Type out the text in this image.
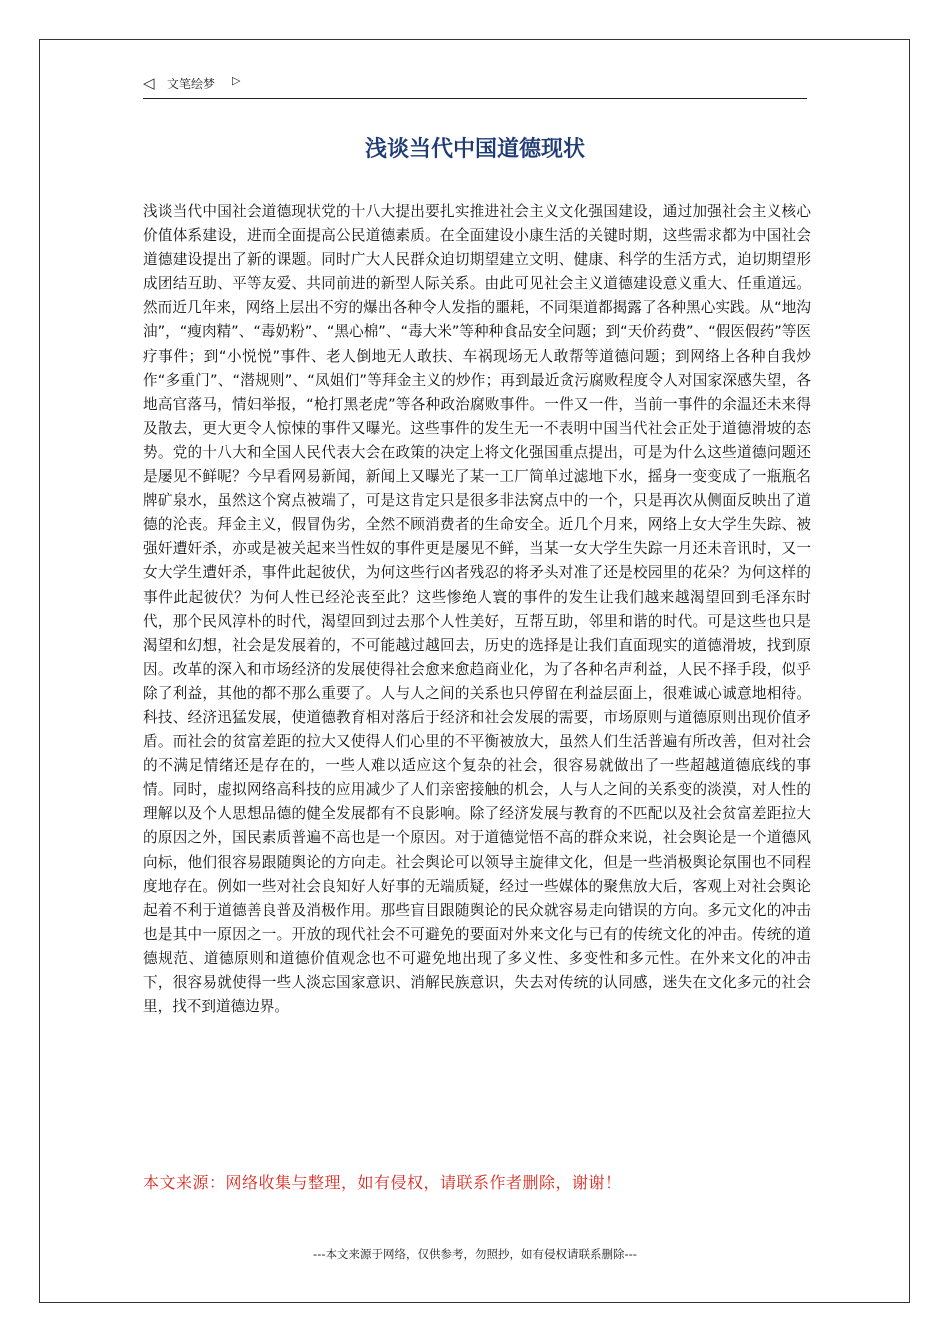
◁ 文笔绘梦 ▷
浅谈当代中国道德现状

浅谈当代中国社会道德现状党的十八大提出要扎实推进社会主义文化强国建设，通过加强社会主义核心价值体系建设，进而全面提高公民道德素质。在全面建设小康生活的关键时期，这些需求都为中国社会道德建设提出了新的课题。同时广大人民群众迫切期望建立文明、健康、科学的生活方式，迫切期望形成团结互助、平等友爱、共同前进的新型人际关系。由此可见社会主义道德建设意义重大、任重道远。然而近几年来，网络上层出不穷的爆出各种令人发指的噩耗，不同渠道都揭露了各种黑心实践。从“地沟油”，“瘦肉精”、“毒奶粉”、“黑心棉”、“毒大米”等种种食品安全问题；到“天价药费”、“假医假药”等医疗事件；到“小悦悦”事件、老人倒地无人敢扶、车祸现场无人敢帮等道德问题；到网络上各种自我炒作“多重门”、“潜规则”、“凤姐们”等拜金主义的炒作；再到最近贪污腐败程度令人对国家深感失望，各地高官落马，情妇举报，“枪打黑老虎”等各种政治腐败事件。一件又一件，当前一事件的余温还未来得及散去，更大更令人惊悚的事件又曝光。这些事件的发生无一不表明中国当代社会正处于道德滑坡的态势。党的十八大和全国人民代表大会在政策的决定上将文化强国重点提出，可是为什么这些道德问题还是屡见不鲜呢？今早看网易新闻，新闻上又曝光了某一工厂简单过滤地下水，摇身一变变成了一瓶瓶名牌矿泉水，虽然这个窝点被端了，可是这肯定只是很多非法窝点中的一个，只是再次从侧面反映出了道德的沦丧。拜金主义，假冒伪劣，全然不顾消费者的生命安全。近几个月来，网络上女大学生失踪、被强奸遭奸杀，亦或是被关起来当性奴的事件更是屡见不鲜，当某一女大学生失踪一月还未音讯时，又一女大学生遭奸杀，事件此起彼伏，为何这些行凶者残忍的将矛头对准了还是校园里的花朵？为何这样的事件此起彼伏？为何人性已经沦丧至此？这些惨绝人寰的事件的发生让我们越来越渴望回到毛泽东时代，那个民风淳朴的时代，渴望回到过去那个人性美好，互帮互助，邻里和谐的时代。可是这些也只是渴望和幻想，社会是发展着的，不可能越过越回去，历史的选择是让我们直面现实的道德滑坡，找到原因。改革的深入和市场经济的发展使得社会愈来愈趋商业化，为了各种名声利益，人民不择手段，似乎除了利益，其他的都不那么重要了。人与人之间的关系也只停留在利益层面上，很难诚心诚意地相待。科技、经济迅猛发展，使道德教育相对落后于经济和社会发展的需要，市场原则与道德原则出现价值矛盾。而社会的贫富差距的拉大又使得人们心里的不平衡被放大，虽然人们生活普遍有所改善，但对社会的不满足情绪还是存在的，一些人难以适应这个复杂的社会，很容易就做出了一些超越道德底线的事情。同时，虚拟网络高科技的应用减少了人们亲密接触的机会，人与人之间的关系变的淡漠，对人性的理解以及个人思想品德的健全发展都有不良影响。除了经济发展与教育的不匹配以及社会贫富差距拉大的原因之外，国民素质普遍不高也是一个原因。对于道德觉悟不高的群众来说，社会舆论是一个道德风向标，他们很容易跟随舆论的方向走。社会舆论可以领导主旋律文化，但是一些消极舆论氛围也不同程度地存在。例如一些对社会良知好人好事的无端质疑，经过一些媒体的聚焦放大后，客观上对社会舆论起着不利于道德善良普及消极作用。那些盲目跟随舆论的民众就容易走向错误的方向。多元文化的冲击也是其中一原因之一。开放的现代社会不可避免的要面对外来文化与已有的传统文化的冲击。传统的道德规范、道德原则和道德价值观念也不可避免地出现了多义性、多变性和多元性。在外来文化的冲击下，很容易就使得一些人淡忘国家意识、消解民族意识，失去对传统的认同感，迷失在文化多元的社会里，找不到道德边界。

本文来源：网络收集与整理，如有侵权，请联系作者删除，谢谢！

---本文来源于网络，仅供参考，勿照抄，如有侵权请联系删除---
